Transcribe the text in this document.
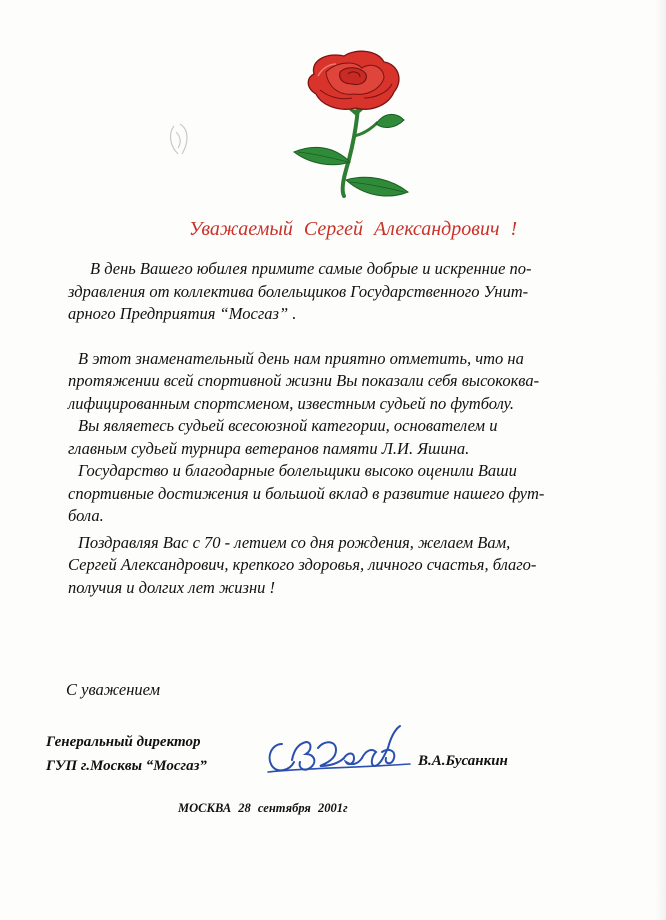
Уважаемый Сергей Александрович !

В день Вашего юбилея примите самые добрые и искренние по-
здравления от коллектива болельщиков Государственного Унит-
арного Предприятия “Мосгаз” .

В этот знаменательный день нам приятно отметить, что на
протяжении всей спортивной жизни Вы показали себя высококва-
лифицированным спортсменом, известным судьей по футболу.

Вы являетесь судьей всесоюзной категории, основателем и
главным судьей турнира ветеранов памяти Л.И. Яшина.

Государство и благодарные болельщики высоко оценили Ваши
спортивные достижения и большой вклад в развитие нашего фут-
бола.

Поздравляя Вас с 70 - летием со дня рождения, желаем Вам,
Сергей Александрович, крепкого здоровья, личного счастья, благо-
получия и долгих лет жизни !

С уважением
Генеральный директор
ГУП г.Москвы “Мосгаз”	В.А.Бусанкин
МОСКВА 28 сентября 2001г
